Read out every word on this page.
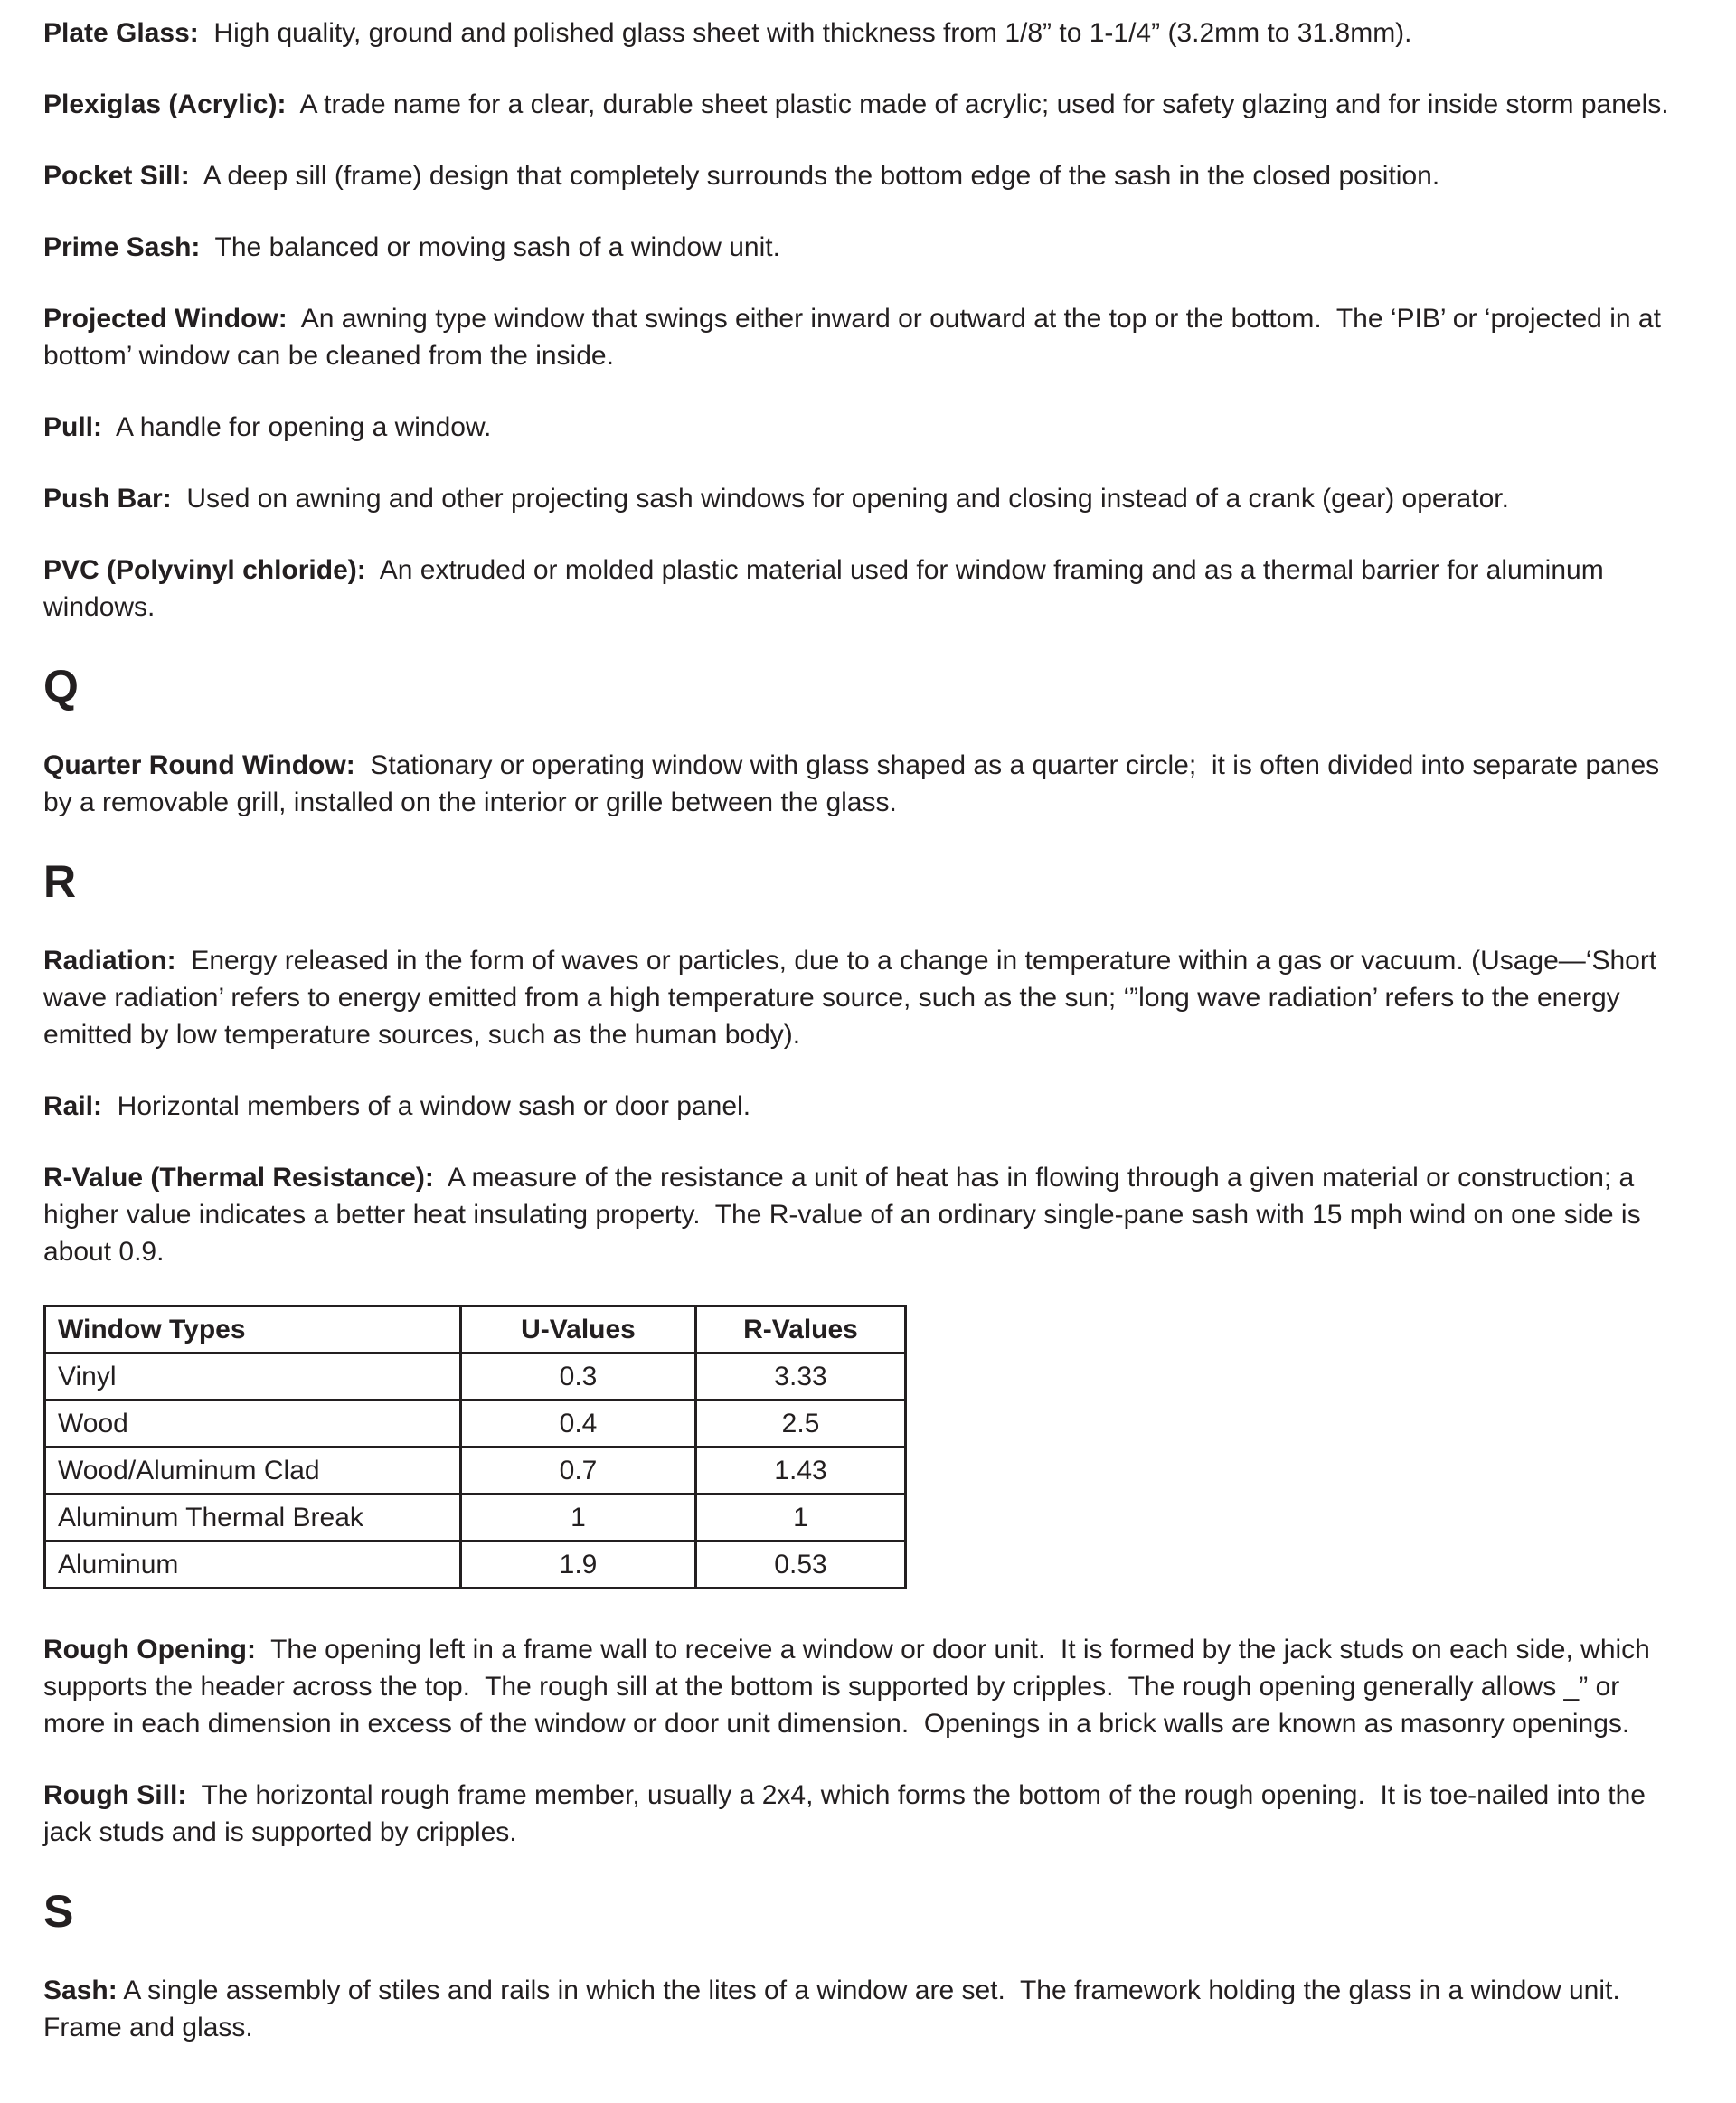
Plate Glass:  High quality, ground and polished glass sheet with thickness from 1/8” to 1-1/4” (3.2mm to 31.8mm).

Plexiglas (Acrylic):  A trade name for a clear, durable sheet plastic made of acrylic; used for safety glazing and for inside storm panels.

Pocket Sill:  A deep sill (frame) design that completely surrounds the bottom edge of the sash in the closed position.

Prime Sash:  The balanced or moving sash of a window unit.

Projected Window:  An awning type window that swings either inward or outward at the top or the bottom.  The ‘PIB’ or ‘projected in at bottom’ window can be cleaned from the inside.

Pull:  A handle for opening a window.

Push Bar:  Used on awning and other projecting sash windows for opening and closing instead of a crank (gear) operator.

PVC (Polyvinyl chloride):  An extruded or molded plastic material used for window framing and as a thermal barrier for aluminum windows.

Q

Quarter Round Window:  Stationary or operating window with glass shaped as a quarter circle;  it is often divided into separate panes by a removable grill, installed on the interior or grille between the glass.

R

Radiation:  Energy released in the form of waves or particles, due to a change in temperature within a gas or vacuum. (Usage—‘Short wave radiation’ refers to energy emitted from a high temperature source, such as the sun; ‘”long wave radiation’ refers to the energy emitted by low temperature sources, such as the human body).

Rail:  Horizontal members of a window sash or door panel.

R-Value (Thermal Resistance):  A measure of the resistance a unit of heat has in flowing through a given material or construction; a higher value indicates a better heat insulating property.  The R-value of an ordinary single-pane sash with 15 mph wind on one side is about 0.9.

Window Types	U-Values	R-Values
Vinyl	0.3	3.33
Wood	0.4	2.5
Wood/Aluminum Clad	0.7	1.43
Aluminum Thermal Break	1	1
Aluminum	1.9	0.53

Rough Opening:  The opening left in a frame wall to receive a window or door unit.  It is formed by the jack studs on each side, which supports the header across the top.  The rough sill at the bottom is supported by cripples.  The rough opening generally allows _” or more in each dimension in excess of the window or door unit dimension.  Openings in a brick walls are known as masonry openings.

Rough Sill:  The horizontal rough frame member, usually a 2x4, which forms the bottom of the rough opening.  It is toe-nailed into the jack studs and is supported by cripples.

S

Sash: A single assembly of stiles and rails in which the lites of a window are set.  The framework holding the glass in a window unit.  Frame and glass.
